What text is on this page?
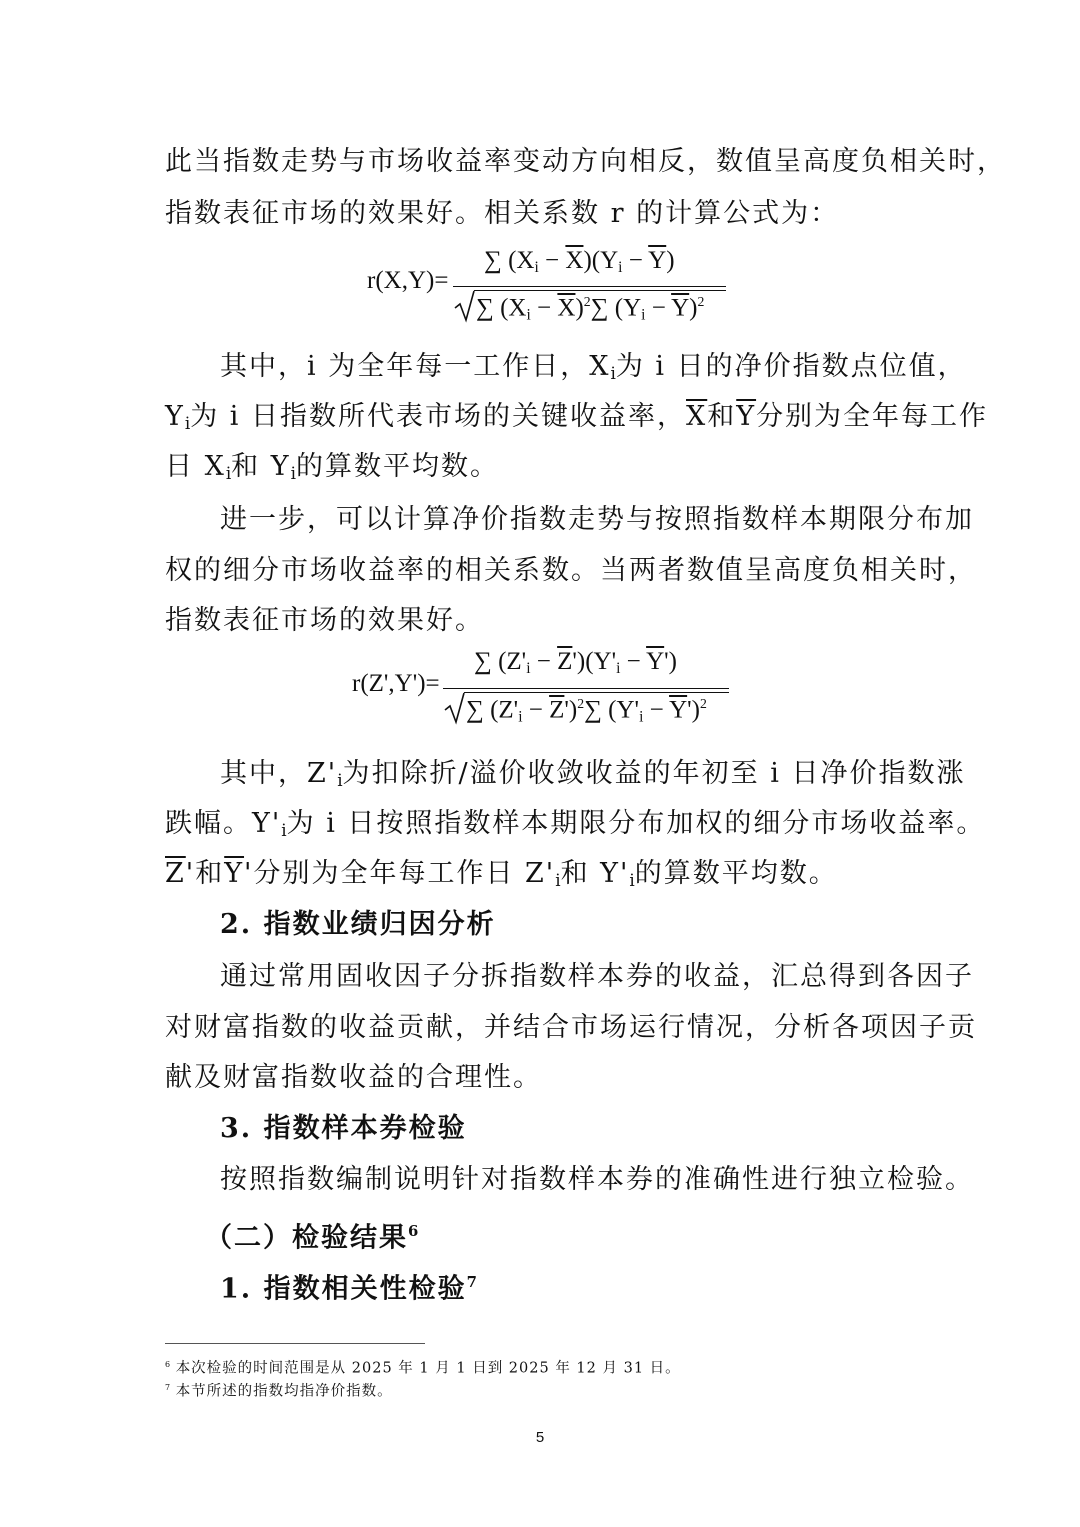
此当指数走势与市场收益率变动方向相反，数值呈高度负相关时，
指数表征市场的效果好。相关系数 r 的计算公式为：
r(X,Y)=
∑ $(X_i - \overline{X})(Y_i - \overline{Y})$
∑ $(X_i - \overline{X})^2\sum$ $(Y_i - \overline{Y})^2$
其中，i 为全年每一工作日，$X_i$为 i 日的净价指数点位值，
$Y_i$为 i 日指数所代表市场的关键收益率，$\overline{X}$和$\overline{Y}$分别为全年每工作
日 $X_i$和 $Y_i$的算数平均数。
进一步，可以计算净价指数走势与按照指数样本期限分布加
权的细分市场收益率的相关系数。当两者数值呈高度负相关时，
指数表征市场的效果好。
r(Z',Y')=
∑ $(Z'_i - \overline{Z}')(Y'_i - \overline{Y}')$
∑ $(Z'_i - \overline{Z}')^2\sum$ $(Y'_i - \overline{Y}')^2$
其中，$Z'_i$为扣除折/溢价收敛收益的年初至 i 日净价指数涨
跌幅。$Y'_i$为 i 日按照指数样本期限分布加权的细分市场收益率。
$\overline{Z}'$和$\overline{Y}'$分别为全年每工作日 $Z'_i$和 $Y'_i$的算数平均数。
2. 指数业绩归因分析
通过常用固收因子分拆指数样本券的收益，汇总得到各因子
对财富指数的收益贡献，并结合市场运行情况，分析各项因子贡
献及财富指数收益的合理性。
3. 指数样本券检验
按照指数编制说明针对指数样本券的准确性进行独立检验。
（二）检验结果$^6$
1. 指数相关性检验$^7$
$^6$ 本次检验的时间范围是从 2025 年 1 月 1 日到 2025 年 12 月 31 日。
$^7$ 本节所述的指数均指净价指数。
5
